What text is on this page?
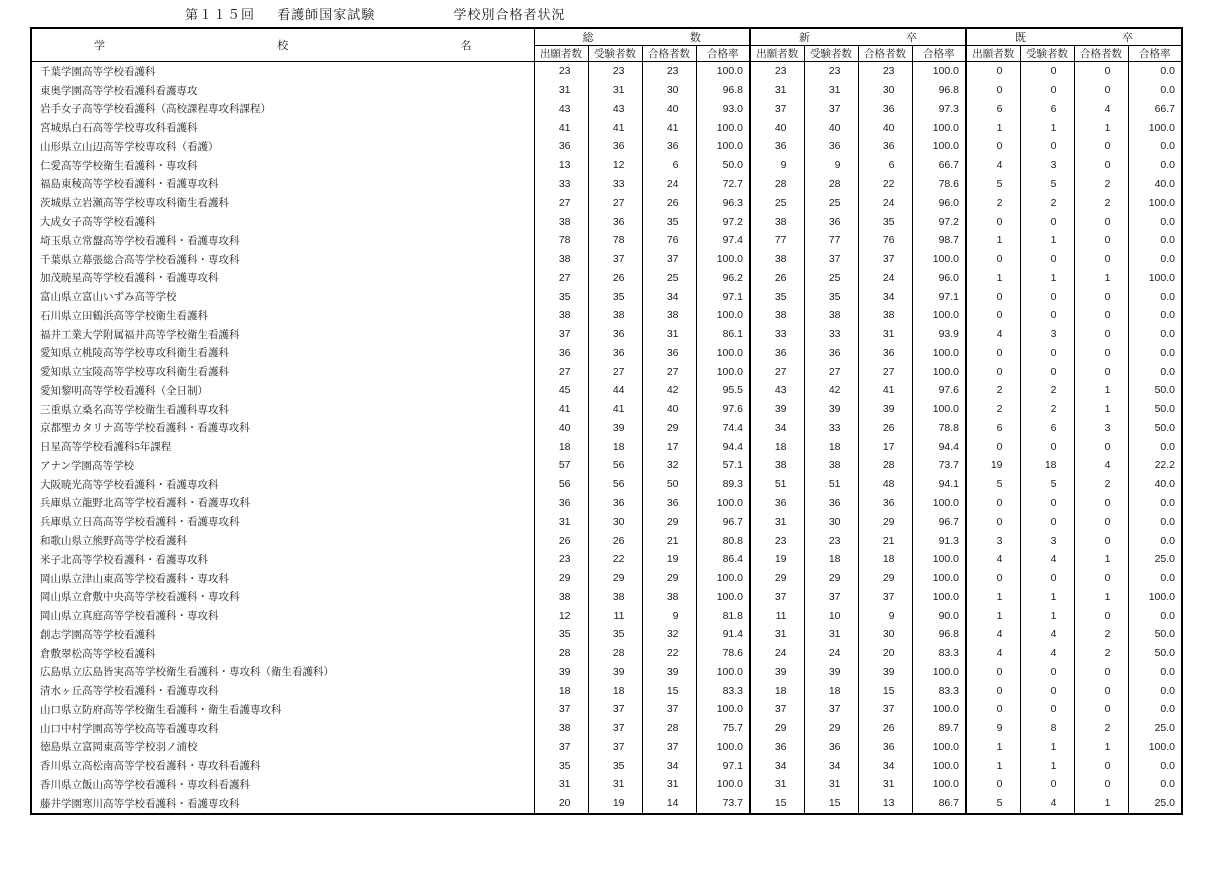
第１１５回 看護師国家試験	学校別合格者状況
学 校 名	総 数				新 卒				既 卒			

	出願者数	受験者数	合格者数	合格率	出願者数	受験者数	合格者数	合格率	出願者数	受験者数	合格者数	合格率
千葉学園高等学校看護科	23	23	23	100.0	23	23	23	100.0	0	0	0	0.0
東奥学園高等学校看護科看護専攻	31	31	30	96.8	31	31	30	96.8	0	0	0	0.0
岩手女子高等学校看護科（高校課程専攻科課程）	43	43	40	93.0	37	37	36	97.3	6	6	4	66.7
宮城県白石高等学校専攻科看護科	41	41	41	100.0	40	40	40	100.0	1	1	1	100.0
山形県立山辺高等学校専攻科（看護）	36	36	36	100.0	36	36	36	100.0	0	0	0	0.0
仁愛高等学校衛生看護科・専攻科	13	12	6	50.0	9	9	6	66.7	4	3	0	0.0
福島東稜高等学校看護科・看護専攻科	33	33	24	72.7	28	28	22	78.6	5	5	2	40.0
茨城県立岩瀬高等学校専攻科衛生看護科	27	27	26	96.3	25	25	24	96.0	2	2	2	100.0
大成女子高等学校看護科	38	36	35	97.2	38	36	35	97.2	0	0	0	0.0
埼玉県立常盤高等学校看護科・看護専攻科	78	78	76	97.4	77	77	76	98.7	1	1	0	0.0
千葉県立幕張総合高等学校看護科・専攻科	38	37	37	100.0	38	37	37	100.0	0	0	0	0.0
加茂暁星高等学校看護科・看護専攻科	27	26	25	96.2	26	25	24	96.0	1	1	1	100.0
富山県立富山いずみ高等学校	35	35	34	97.1	35	35	34	97.1	0	0	0	0.0
石川県立田鶴浜高等学校衛生看護科	38	38	38	100.0	38	38	38	100.0	0	0	0	0.0
福井工業大学附属福井高等学校衛生看護科	37	36	31	86.1	33	33	31	93.9	4	3	0	0.0
愛知県立桃陵高等学校専攻科衛生看護科	36	36	36	100.0	36	36	36	100.0	0	0	0	0.0
愛知県立宝陵高等学校専攻科衛生看護科	27	27	27	100.0	27	27	27	100.0	0	0	0	0.0
愛知黎明高等学校看護科（全日制）	45	44	42	95.5	43	42	41	97.6	2	2	1	50.0
三重県立桑名高等学校衛生看護科専攻科	41	41	40	97.6	39	39	39	100.0	2	2	1	50.0
京都聖カタリナ高等学校看護科・看護専攻科	40	39	29	74.4	34	33	26	78.8	6	6	3	50.0
日星高等学校看護科5年課程	18	18	17	94.4	18	18	17	94.4	0	0	0	0.0
アナン学園高等学校	57	56	32	57.1	38	38	28	73.7	19	18	4	22.2
大阪暁光高等学校看護科・看護専攻科	56	56	50	89.3	51	51	48	94.1	5	5	2	40.0
兵庫県立龍野北高等学校看護科・看護専攻科	36	36	36	100.0	36	36	36	100.0	0	0	0	0.0
兵庫県立日高高等学校看護科・看護専攻科	31	30	29	96.7	31	30	29	96.7	0	0	0	0.0
和歌山県立熊野高等学校看護科	26	26	21	80.8	23	23	21	91.3	3	3	0	0.0
米子北高等学校看護科・看護専攻科	23	22	19	86.4	19	18	18	100.0	4	4	1	25.0
岡山県立津山東高等学校看護科・専攻科	29	29	29	100.0	29	29	29	100.0	0	0	0	0.0
岡山県立倉敷中央高等学校看護科・専攻科	38	38	38	100.0	37	37	37	100.0	1	1	1	100.0
岡山県立真庭高等学校看護科・専攻科	12	11	9	81.8	11	10	9	90.0	1	1	0	0.0
創志学園高等学校看護科	35	35	32	91.4	31	31	30	96.8	4	4	2	50.0
倉敷翠松高等学校看護科	28	28	22	78.6	24	24	20	83.3	4	4	2	50.0
広島県立広島皆実高等学校衛生看護科・専攻科（衛生看護科）	39	39	39	100.0	39	39	39	100.0	0	0	0	0.0
清水ヶ丘高等学校看護科・看護専攻科	18	18	15	83.3	18	18	15	83.3	0	0	0	0.0
山口県立防府高等学校衛生看護科・衛生看護専攻科	37	37	37	100.0	37	37	37	100.0	0	0	0	0.0
山口中村学園高等学校高等看護専攻科	38	37	28	75.7	29	29	26	89.7	9	8	2	25.0
徳島県立富岡東高等学校羽ノ浦校	37	37	37	100.0	36	36	36	100.0	1	1	1	100.0
香川県立高松南高等学校看護科・専攻科看護科	35	35	34	97.1	34	34	34	100.0	1	1	0	0.0
香川県立飯山高等学校看護科・専攻科看護科	31	31	31	100.0	31	31	31	100.0	0	0	0	0.0
藤井学園寒川高等学校看護科・看護専攻科	20	19	14	73.7	15	15	13	86.7	5	4	1	25.0
